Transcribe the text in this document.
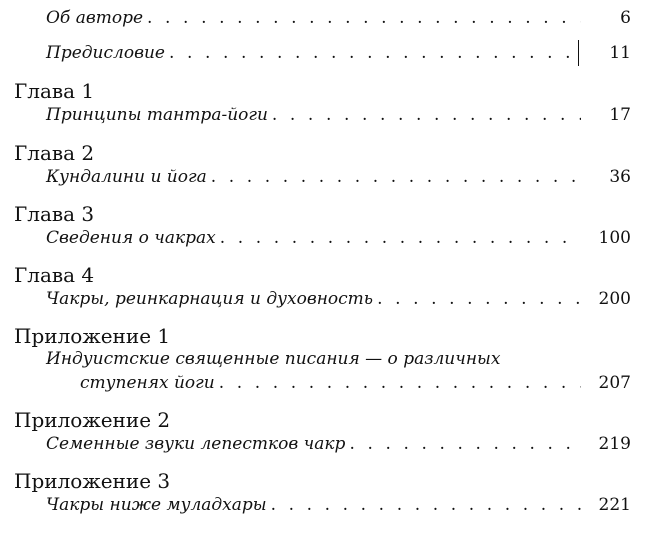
Об авторе . . .	6
Предисловие . . .	11
Глава 1
Принципы тантра-йоги . . .	17
Глава 2
Кундалини и йога . . .	36
Глава 3
Сведения о чакрах . . .	100
Глава 4
Чакры, реинкарнация и духовность . . .	200
Приложение 1
Индуистские священные писания — о различных
ступенях йоги . . .	207
Приложение 2
Семенные звуки лепестков чакр . . .	219
Приложение 3
Чакры ниже муладхары . . .	221
